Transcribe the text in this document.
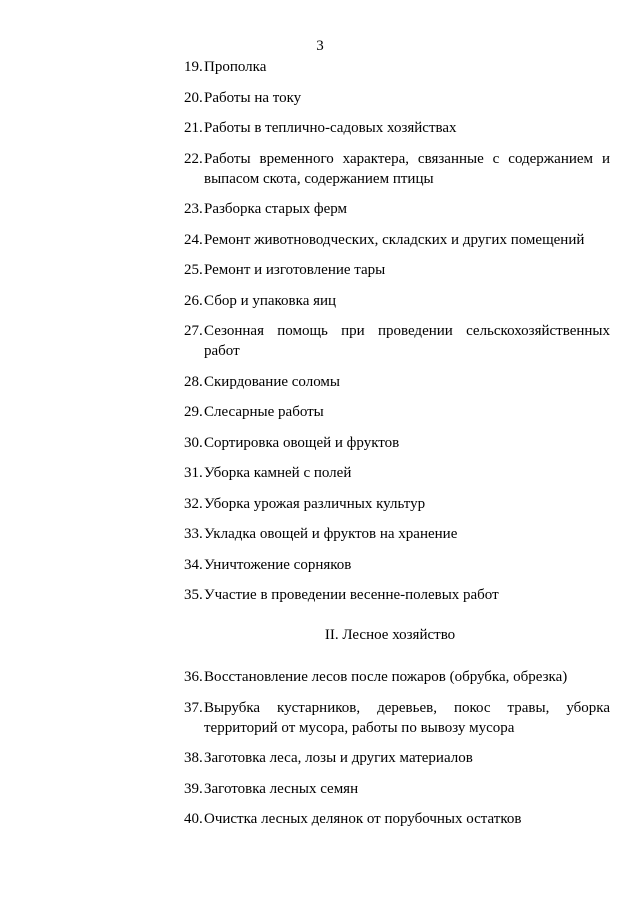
3
19. Прополка
20. Работы на току
21. Работы в теплично-садовых хозяйствах
22. Работы временного характера, связанные с содержанием и выпасом скота, содержанием птицы
23. Разборка старых ферм
24. Ремонт животноводческих, складских и других помещений
25. Ремонт и изготовление тары
26. Сбор и упаковка яиц
27. Сезонная помощь при проведении сельскохозяйственных работ
28. Скирдование соломы
29. Слесарные работы
30. Сортировка овощей и фруктов
31. Уборка камней с полей
32. Уборка урожая различных культур
33. Укладка овощей и фруктов на хранение
34. Уничтожение сорняков
35. Участие в проведении весенне-полевых работ
II. Лесное хозяйство
36. Восстановление лесов после пожаров (обрубка, обрезка)
37. Вырубка кустарников, деревьев, покос травы, уборка территорий от мусора, работы по вывозу мусора
38. Заготовка леса, лозы и других материалов
39. Заготовка лесных семян
40. Очистка лесных делянок от порубочных остатков
